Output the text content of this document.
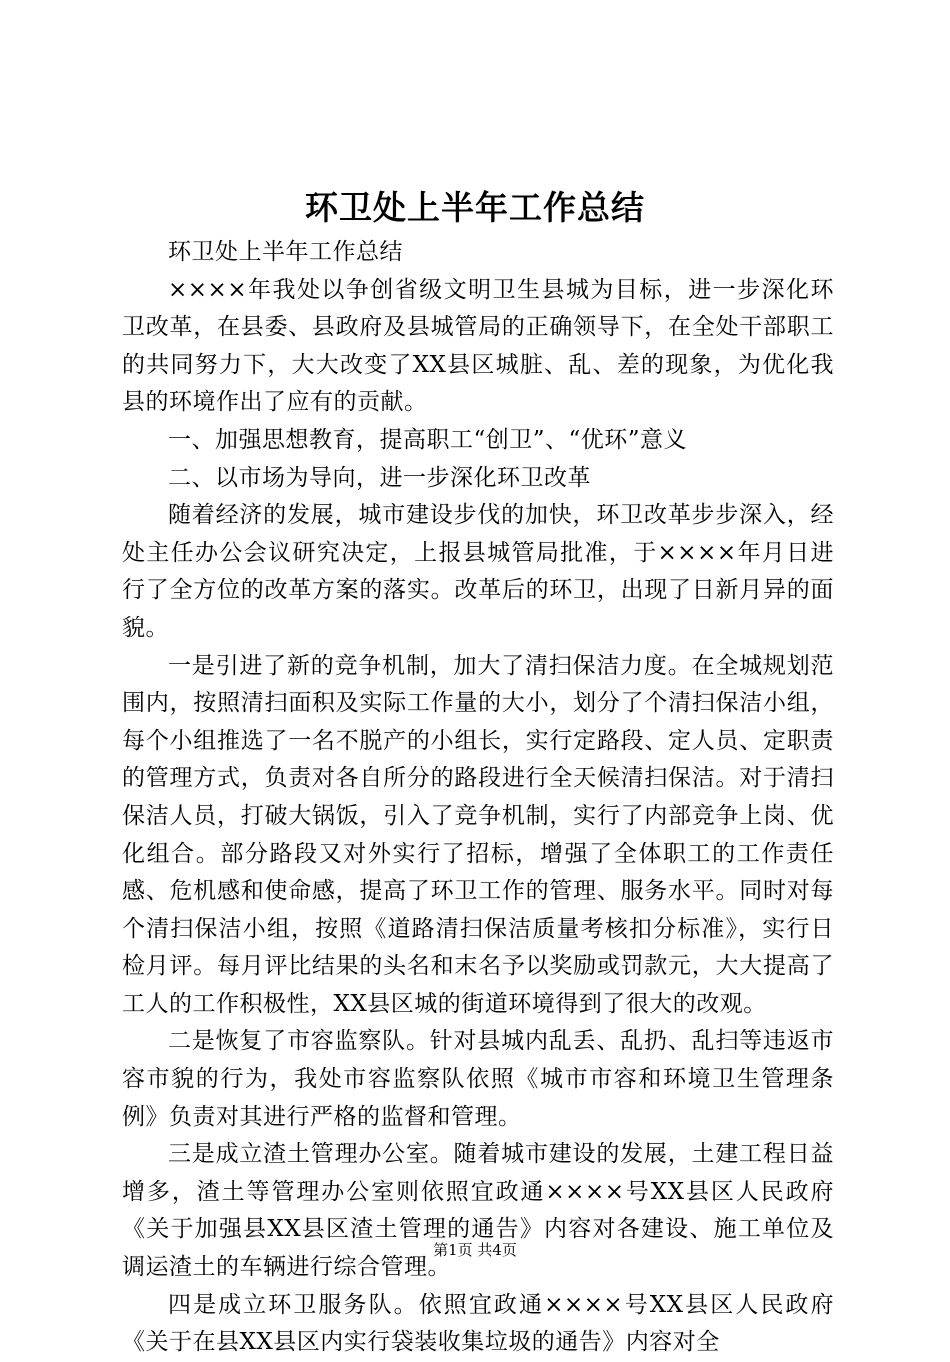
环卫处上半年工作总结

环卫处上半年工作总结

××××年我处以争创省级文明卫生县城为目标，进一步深化环卫改革，在县委、县政府及县城管局的正确领导下，在全处干部职工的共同努力下，大大改变了XX县区城脏、乱、差的现象，为优化我县的环境作出了应有的贡献。

一、加强思想教育，提高职工“创卫”、“优环”意义

二、以市场为导向，进一步深化环卫改革

随着经济的发展，城市建设步伐的加快，环卫改革步步深入，经处主任办公会议研究决定，上报县城管局批准，于××××年月日进行了全方位的改革方案的落实。改革后的环卫，出现了日新月异的面貌。

一是引进了新的竞争机制，加大了清扫保洁力度。在全城规划范围内，按照清扫面积及实际工作量的大小，划分了个清扫保洁小组，每个小组推选了一名不脱产的小组长，实行定路段、定人员、定职责的管理方式，负责对各自所分的路段进行全天候清扫保洁。对于清扫保洁人员，打破大锅饭，引入了竞争机制，实行了内部竞争上岗、优化组合。部分路段又对外实行了招标，增强了全体职工的工作责任感、危机感和使命感，提高了环卫工作的管理、服务水平。同时对每个清扫保洁小组，按照《道路清扫保洁质量考核扣分标准》，实行日检月评。每月评比结果的头名和末名予以奖励或罚款元，大大提高了工人的工作积极性，XX县区城的街道环境得到了很大的改观。

二是恢复了市容监察队。针对县城内乱丢、乱扔、乱扫等违返市容市貌的行为，我处市容监察队依照《城市市容和环境卫生管理条例》负责对其进行严格的监督和管理。

三是成立渣土管理办公室。随着城市建设的发展，土建工程日益增多，渣土等管理办公室则依照宜政通××××号XX县区人民政府《关于加强县XX县区渣土管理的通告》内容对各建设、施工单位及调运渣土的车辆进行综合管理。

四是成立环卫服务队。依照宜政通××××号XX县区人民政府《关于在县XX县区内实行袋装收集垃圾的通告》内容对全

第1页 共4页
